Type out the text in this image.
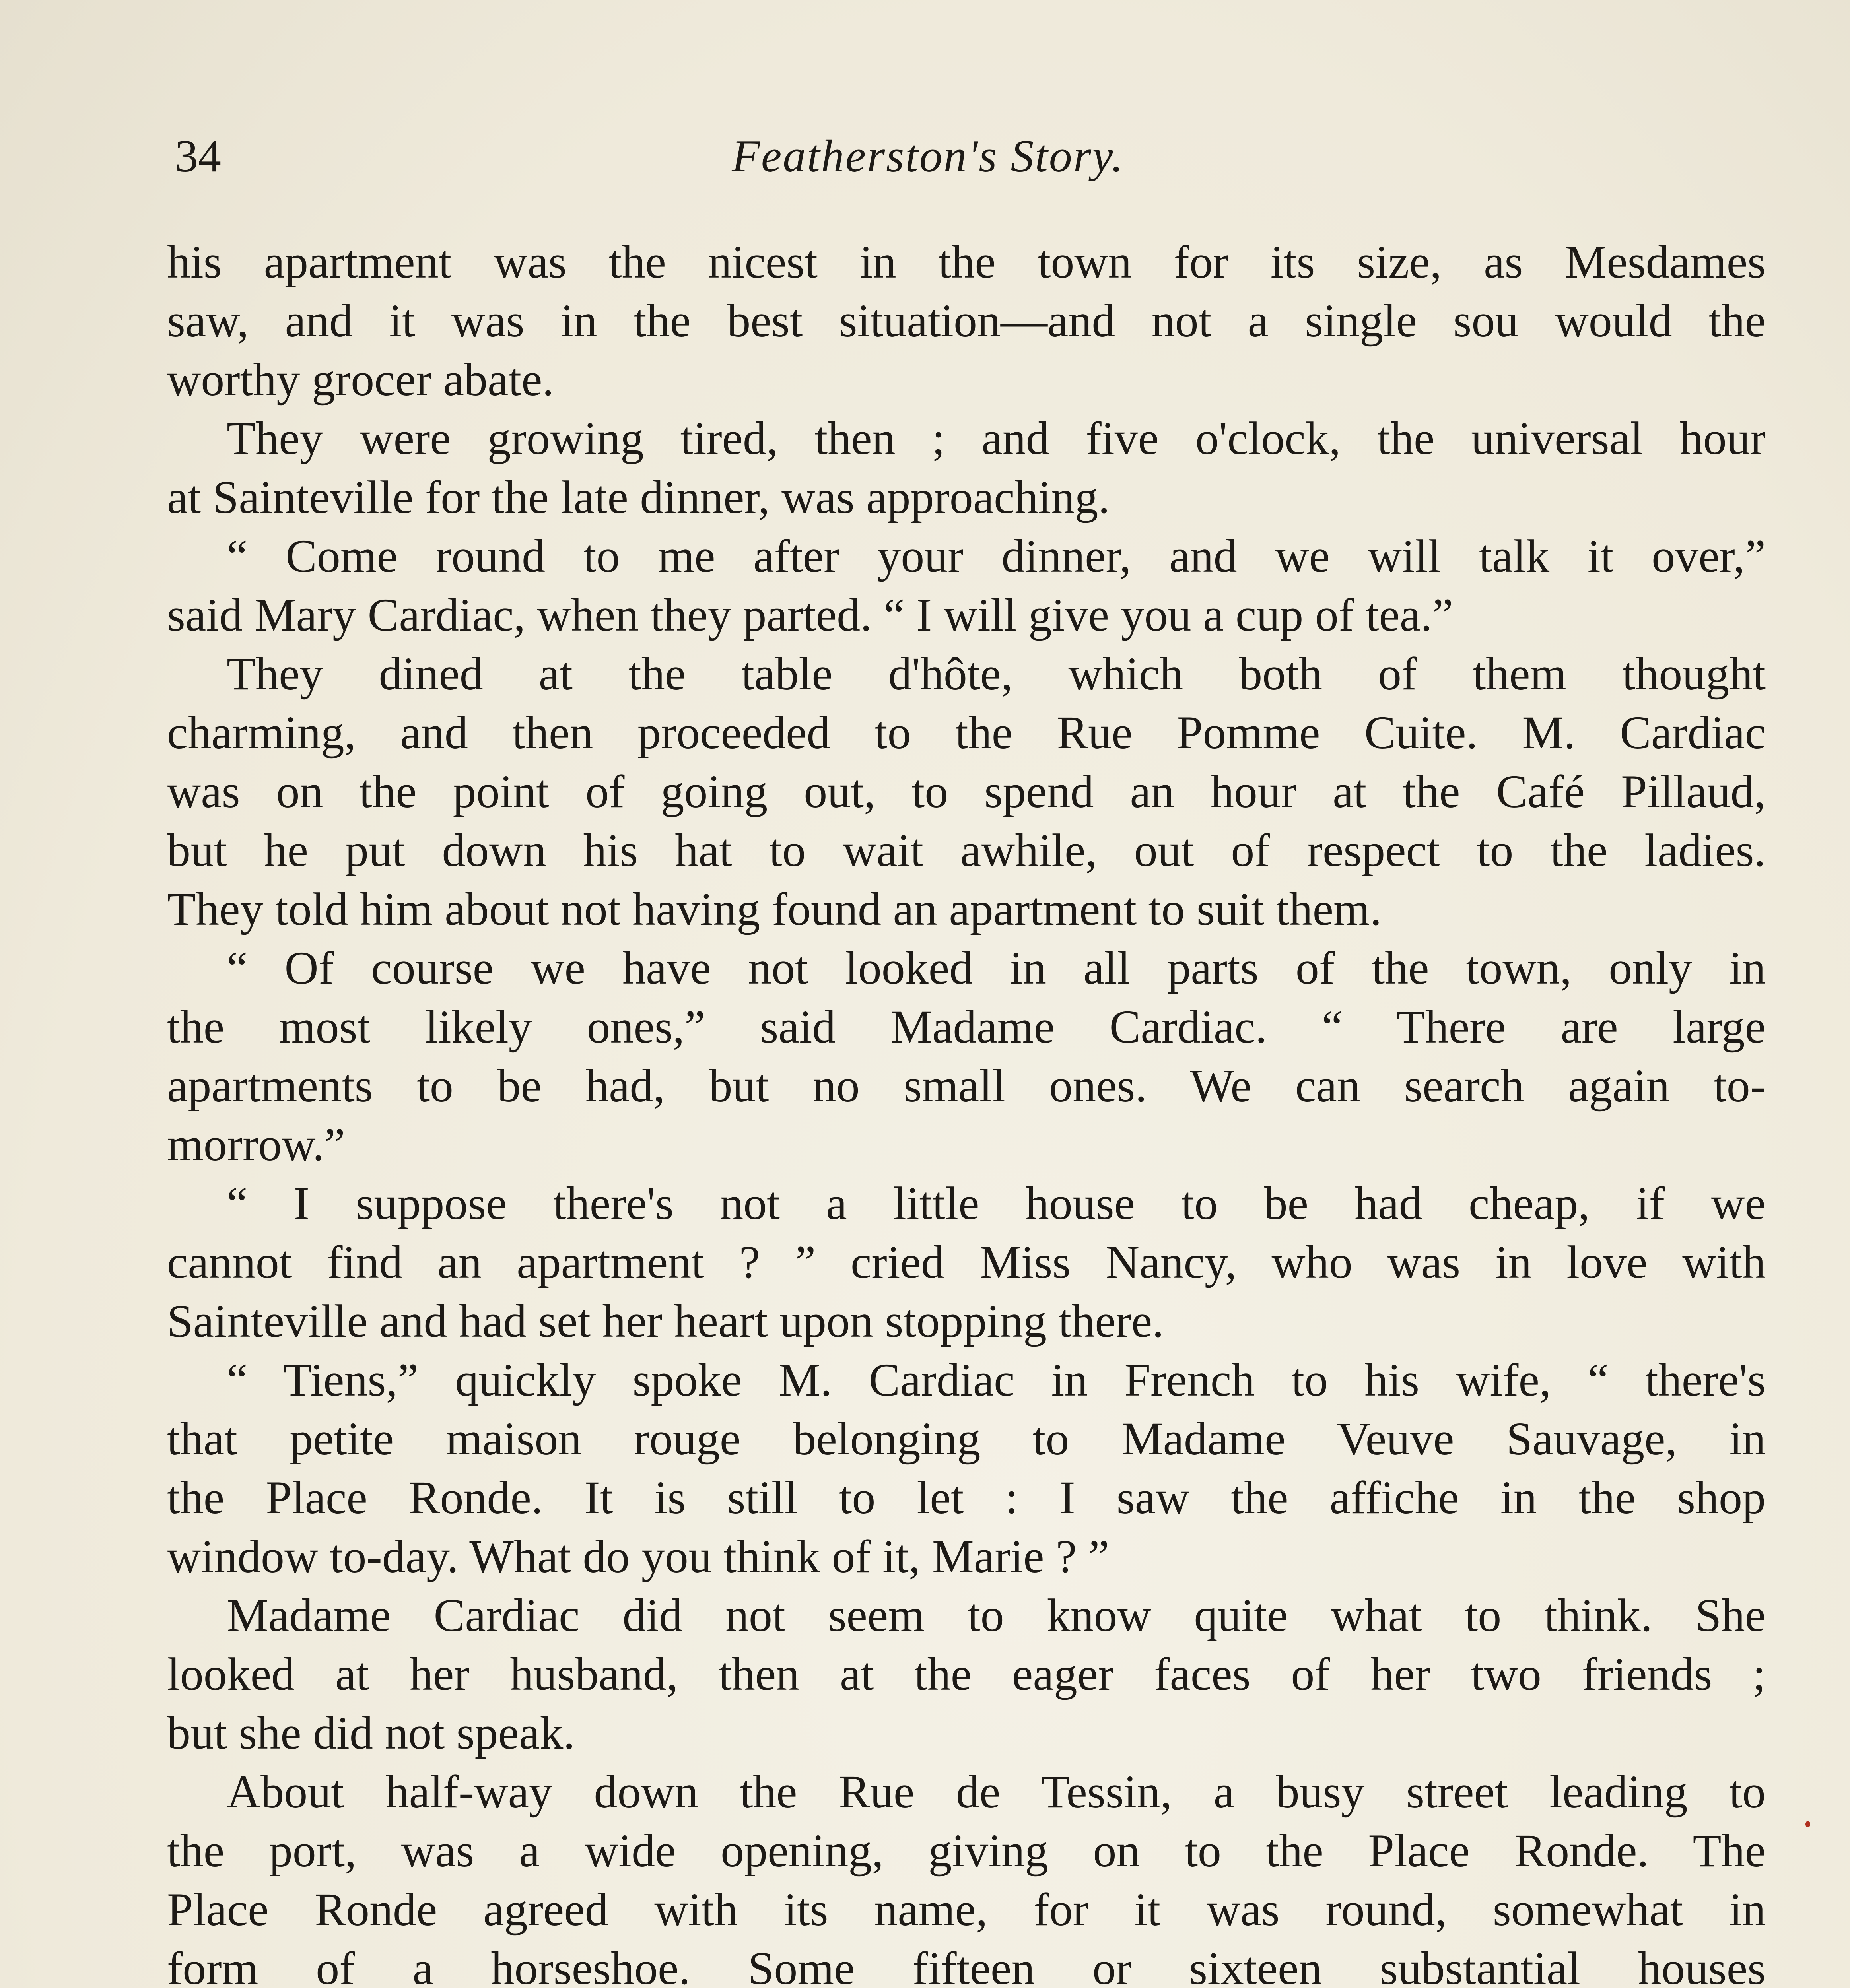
34	Featherston's Story.
his apartment was the nicest in the town for its size, as Mesdames
saw, and it was in the best situation—and not a single sou would the
worthy grocer abate.
They were growing tired, then ; and five o'clock, the universal hour
at Sainteville for the late dinner, was approaching.
“ Come round to me after your dinner, and we will talk it over,”
said Mary Cardiac, when they parted. “ I will give you a cup of tea.”
They dined at the table d'hôte, which both of them thought
charming, and then proceeded to the Rue Pomme Cuite. M. Cardiac
was on the point of going out, to spend an hour at the Café Pillaud,
but he put down his hat to wait awhile, out of respect to the ladies.
They told him about not having found an apartment to suit them.
“ Of course we have not looked in all parts of the town, only in
the most likely ones,” said Madame Cardiac. “ There are large
apartments to be had, but no small ones. We can search again to-
morrow.”
“ I suppose there's not a little house to be had cheap, if we
cannot find an apartment ? ” cried Miss Nancy, who was in love with
Sainteville and had set her heart upon stopping there.
“ Tiens,” quickly spoke M. Cardiac in French to his wife, “ there's
that petite maison rouge belonging to Madame Veuve Sauvage, in
the Place Ronde. It is still to let : I saw the affiche in the shop
window to-day. What do you think of it, Marie ? ”
Madame Cardiac did not seem to know quite what to think. She
looked at her husband, then at the eager faces of her two friends ;
but she did not speak.
About half-way down the Rue de Tessin, a busy street leading to
the port, was a wide opening, giving on to the Place Ronde. The
Place Ronde agreed with its name, for it was round, somewhat in
form of a horseshoe. Some fifteen or sixteen substantial houses
